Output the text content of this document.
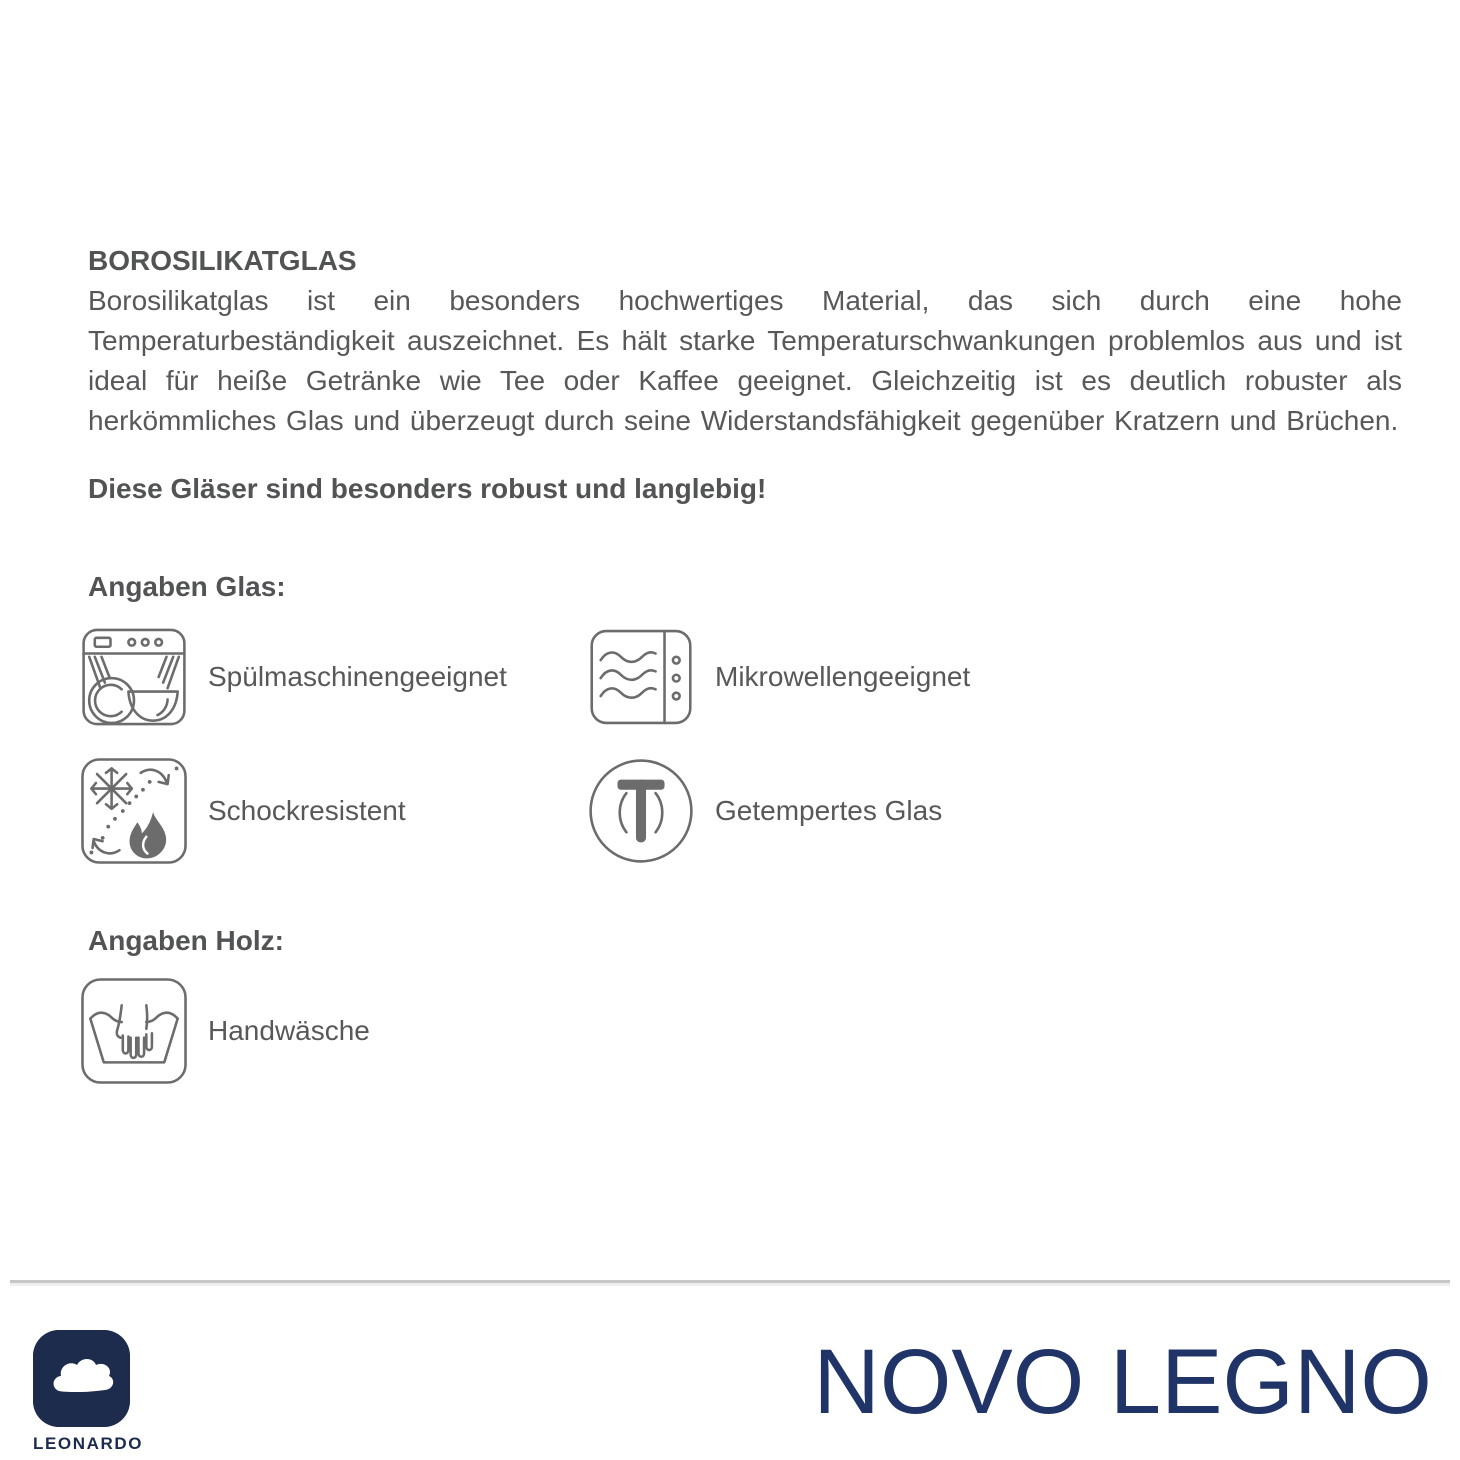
BOROSILIKATGLAS

Borosilikatglas ist ein besonders hochwertiges Material, das sich durch eine hohe Temperaturbeständigkeit auszeichnet. Es hält starke Temperaturschwankungen problemlos aus und ist ideal für heiße Getränke wie Tee oder Kaffee geeignet. Gleichzeitig ist es deutlich robuster als herkömmliches Glas und überzeugt durch seine Widerstandsfähigkeit gegenüber Kratzern und Brüchen.

Diese Gläser sind besonders robust und langlebig!

Angaben Glas:
Spülmaschinengeeignet	Mikrowellengeeignet
Schockresistent	Getempertes Glas
Angaben Holz:
Handwäsche
LEONARDO
NOVO LEGNO
